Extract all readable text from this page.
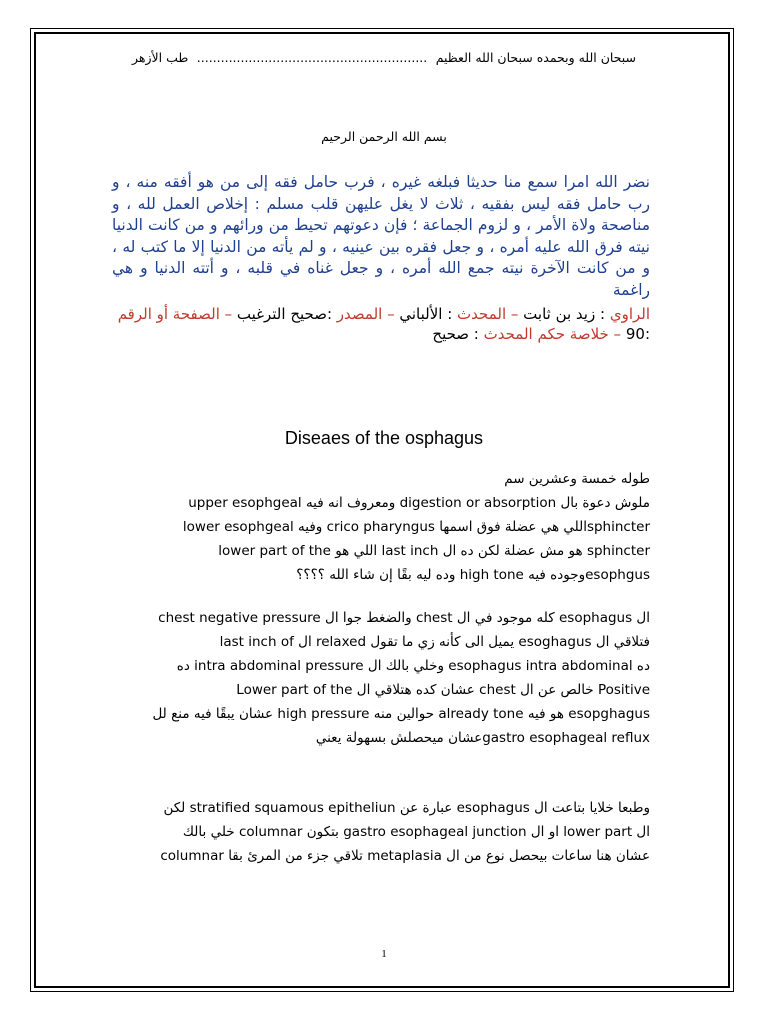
سبحان الله وبحمده سبحان الله العظيم
..........................................................
طب الأزهر
بسم الله الرحمن الرحيم
نضر الله امرا سمع منا حديثا فبلغه غيره ، فرب حامل فقه إلى من هو أفقه منه ، و رب حامل فقه ليس بفقيه ، ثلاث لا يغل عليهن قلب مسلم : إخلاص العمل لله ، و مناصحة ولاة الأمر ، و لزوم الجماعة ؛ فإن دعوتهم تحيط من ورائهم و من كانت الدنيا نيته فرق الله عليه أمره ، و جعل فقره بين عينيه ، و لم يأته من الدنيا إلا ما كتب له ، و من كانت الآخرة نيته جمع الله أمره ، و جعل غناه في قلبه ، و أتته الدنيا و هي راغمة
الراوي : زيد بن ثابت – المحدث : الألباني – المصدر :صحيح الترغيب – الصفحة أو الرقم :90 – خلاصة حكم المحدث : صحيح
Diseaes of the osphagus
طوله خمسة وعشرين سم
ملوش دعوة بال digestion or absorption ومعروف انه فيه upper esophgeal
sphincterاللي هي عضلة فوق اسمها crico pharyngus وفيه lower esophgeal
sphincter هو مش عضلة لكن ده ال last inch اللي هو lower part of the
esophgusوجوده فيه high tone وده ليه بقًا إن شاء الله ؟؟؟؟
ال esophagus كله موجود في ال chest والضغط جوا ال chest negative pressure
فتلاقي ال esoghagus يميل الى كأنه زي ما تقول relaxed ال last inch of
ده esophagus intra abdominal وخلي بالك ال intra abdominal pressure ده
Positive خالص عن ال chest عشان كده هتلاقي ال Lower part of the
esopghagus هو فيه already tone حوالين منه high pressure عشان يبقًا فيه منع لل
gastro esophageal refluxعشان ميحصلش بسهولة يعني
وطبعا خلايا بتاعت ال esophagus عبارة عن stratified squamous epitheliun لكن
ال lower part او ال gastro esophageal junction بتكون columnar خلي بالك
عشان هنا ساعات بيحصل نوع من ال metaplasia تلاقي جزء من المرئ بقا columnar
1
